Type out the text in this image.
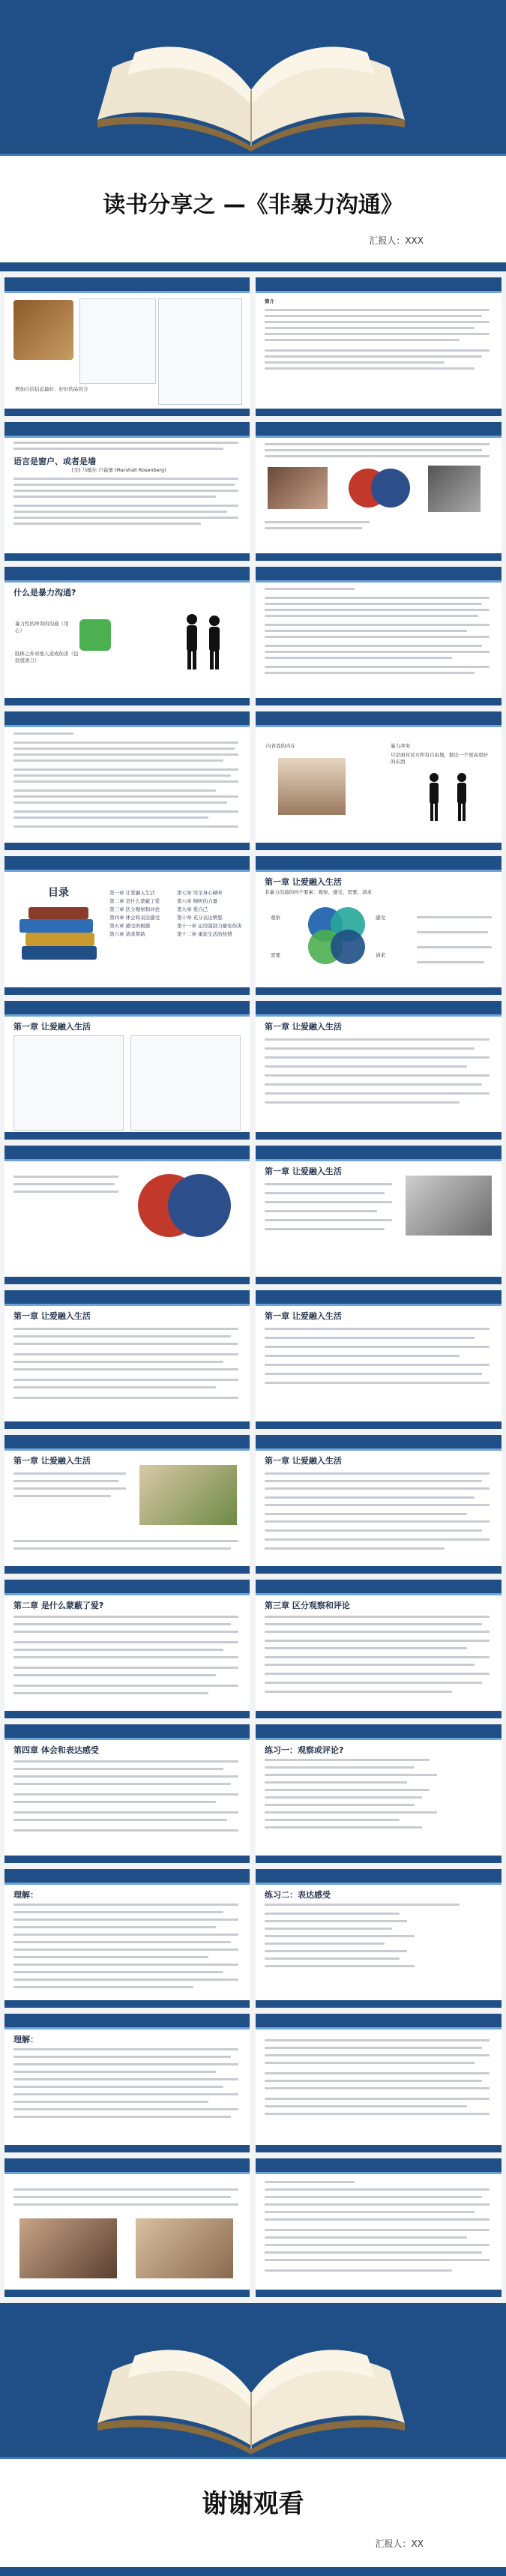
读书分享之 —《非暴力沟通》
汇报人：XXX
增加自信信息最好、好好的品的分
简介
语言是窗户、或者是墙
[美] 马歇尔·卢森堡 (Marshall Rosenberg)
什么是暴力沟通?
暴力性的冲突的沟通（用心）
肢体之外对他人造成伤害（包括很语言）
内省我的内在	暴力冲突
只是面对对方所有自由地，做出一个更高更好的东西
目录	第一章 让爱融入生活
第二章 是什么蒙蔽了爱
第三章 区分观察和评论
第四章 体会和表达感受
第五章 感受的根源
第六章 请求帮助
第七章 用全身心倾听
第八章 倾听的力量
第九章 爱自己
第十章 充分表达愤怒
第十一章 运用强制力避免伤害
第十二章 重获生活的热情
第一章 让爱融入生活
非暴力沟通的四个要素：观察、感受、需要、请求
观察	感受
需要	请求
第一章 让爱融入生活	第一章 让爱融入生活
第一章 让爱融入生活
第一章 让爱融入生活	第一章 让爱融入生活
第一章 让爱融入生活	第一章 让爱融入生活
第二章 是什么蒙蔽了爱?	第三章 区分观察和评论
第四章 体会和表达感受	练习一：观察或评论?
理解：	练习二：表达感受
理解：
谢谢观看
汇报人：XX
